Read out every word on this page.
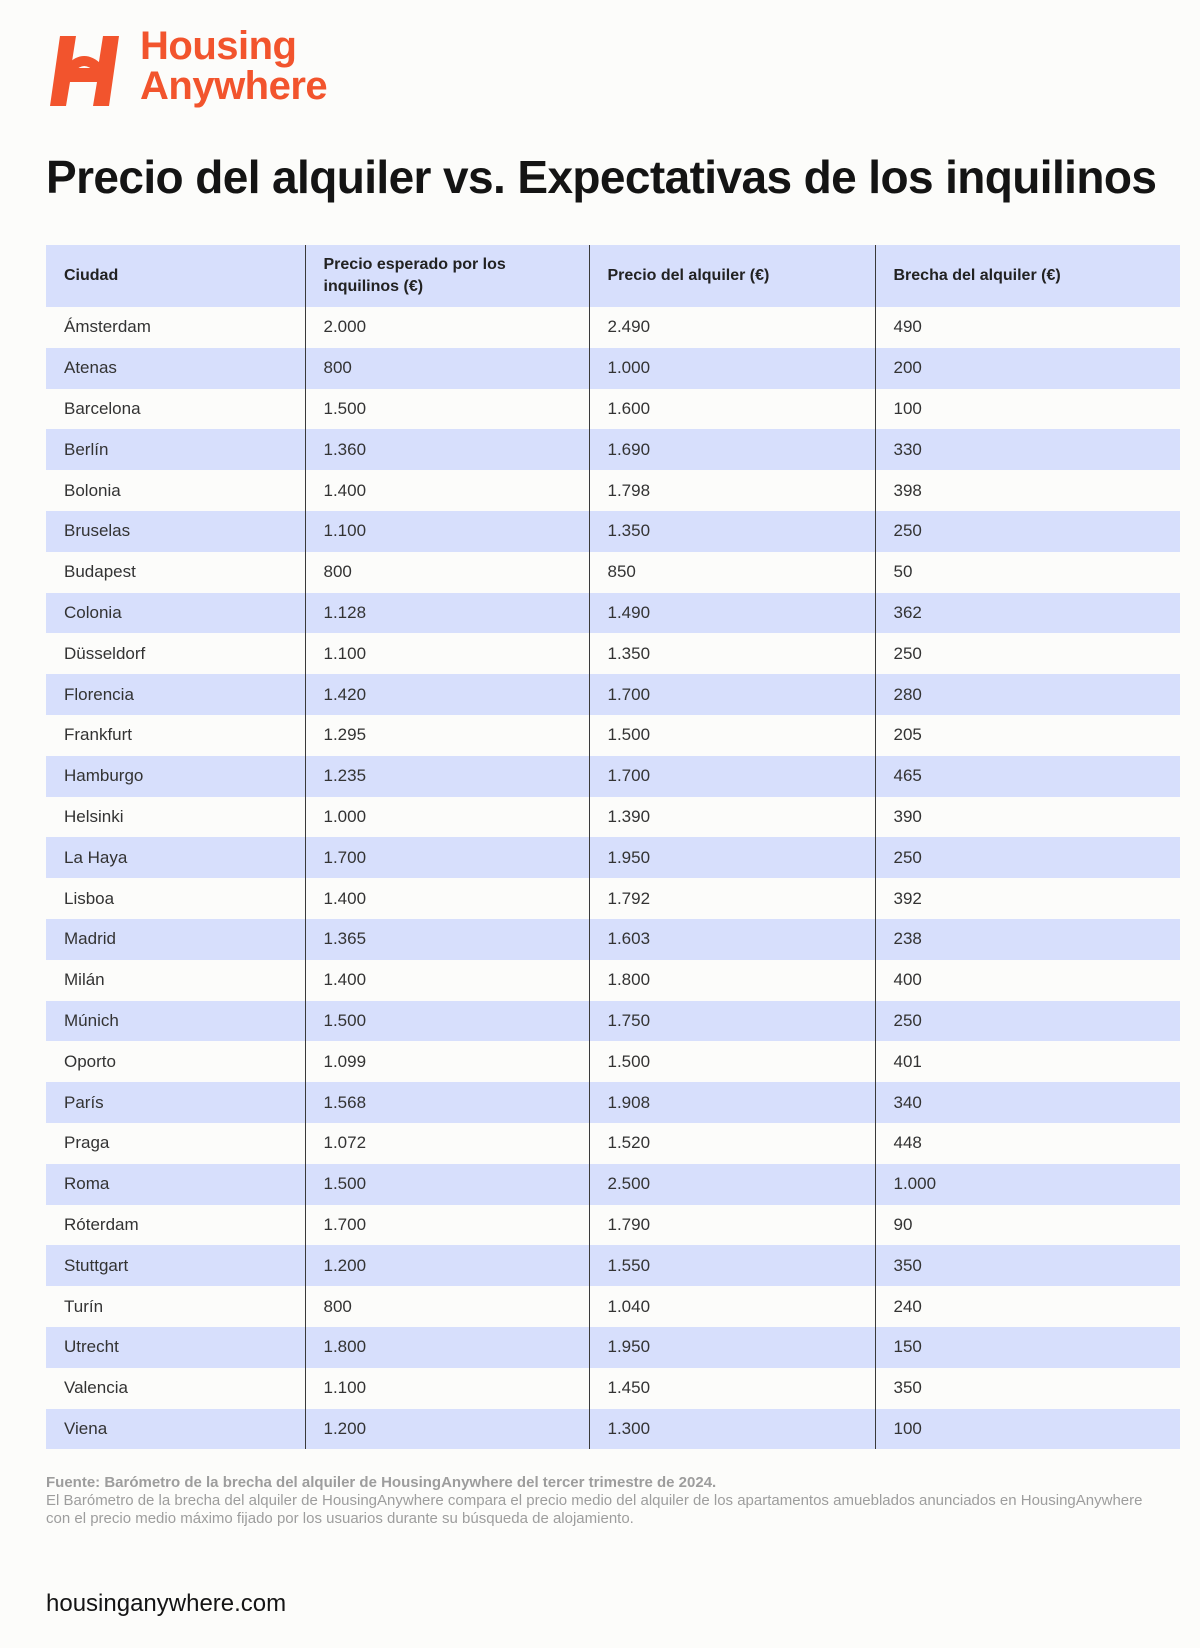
Housing
Anywhere
Precio del alquiler vs. Expectativas de los inquilinos
Ciudad	Precio esperado por los inquilinos (€)	Precio del alquiler (€)	Brecha del alquiler (€)
Ámsterdam	2.000	2.490	490
Atenas	800	1.000	200
Barcelona	1.500	1.600	100
Berlín	1.360	1.690	330
Bolonia	1.400	1.798	398
Bruselas	1.100	1.350	250
Budapest	800	850	50
Colonia	1.128	1.490	362
Düsseldorf	1.100	1.350	250
Florencia	1.420	1.700	280
Frankfurt	1.295	1.500	205
Hamburgo	1.235	1.700	465
Helsinki	1.000	1.390	390
La Haya	1.700	1.950	250
Lisboa	1.400	1.792	392
Madrid	1.365	1.603	238
Milán	1.400	1.800	400
Múnich	1.500	1.750	250
Oporto	1.099	1.500	401
París	1.568	1.908	340
Praga	1.072	1.520	448
Roma	1.500	2.500	1.000
Róterdam	1.700	1.790	90
Stuttgart	1.200	1.550	350
Turín	800	1.040	240
Utrecht	1.800	1.950	150
Valencia	1.100	1.450	350
Viena	1.200	1.300	100
Fuente: Barómetro de la brecha del alquiler de HousingAnywhere del tercer trimestre de 2024.
El Barómetro de la brecha del alquiler de HousingAnywhere compara el precio medio del alquiler de los apartamentos amueblados anunciados en HousingAnywhere con el precio medio máximo fijado por los usuarios durante su búsqueda de alojamiento.
housinganywhere.com
